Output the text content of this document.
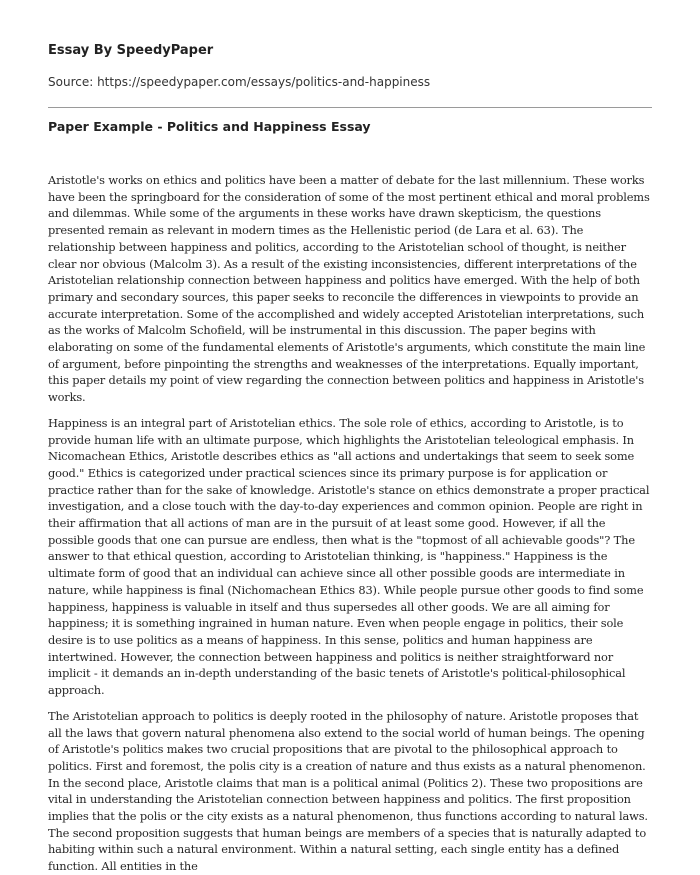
Essay By SpeedyPaper
Source: https://speedypaper.com/essays/politics-and-happiness
Paper Example - Politics and Happiness Essay

Aristotle's works on ethics and politics have been a matter of debate for the last millennium. These works have been the springboard for the consideration of some of the most pertinent ethical and moral problems and dilemmas. While some of the arguments in these works have drawn skepticism, the questions presented remain as relevant in modern times as the Hellenistic period (de Lara et al. 63). The relationship between happiness and politics, according to the Aristotelian school of thought, is neither clear nor obvious (Malcolm 3). As a result of the existing inconsistencies, different interpretations of the Aristotelian relationship connection between happiness and politics have emerged. With the help of both primary and secondary sources, this paper seeks to reconcile the differences in viewpoints to provide an accurate interpretation. Some of the accomplished and widely accepted Aristotelian interpretations, such as the works of Malcolm Schofield, will be instrumental in this discussion. The paper begins with elaborating on some of the fundamental elements of Aristotle's arguments, which constitute the main line of argument, before pinpointing the strengths and weaknesses of the interpretations. Equally important, this paper details my point of view regarding the connection between politics and happiness in Aristotle's works.

Happiness is an integral part of Aristotelian ethics. The sole role of ethics, according to Aristotle, is to provide human life with an ultimate purpose, which highlights the Aristotelian teleological emphasis. In Nicomachean Ethics, Aristotle describes ethics as "all actions and undertakings that seem to seek some good." Ethics is categorized under practical sciences since its primary purpose is for application or practice rather than for the sake of knowledge. Aristotle's stance on ethics demonstrate a proper practical investigation, and a close touch with the day-to-day experiences and common opinion. People are right in their affirmation that all actions of man are in the pursuit of at least some good. However, if all the possible goods that one can pursue are endless, then what is the "topmost of all achievable goods"? The answer to that ethical question, according to Aristotelian thinking, is "happiness." Happiness is the ultimate form of good that an individual can achieve since all other possible goods are intermediate in nature, while happiness is final (Nichomachean Ethics 83). While people pursue other goods to find some happiness, happiness is valuable in itself and thus supersedes all other goods. We are all aiming for happiness; it is something ingrained in human nature. Even when people engage in politics, their sole desire is to use politics as a means of happiness. In this sense, politics and human happiness are intertwined. However, the connection between happiness and politics is neither straightforward nor implicit - it demands an in-depth understanding of the basic tenets of Aristotle's political-philosophical approach.

The Aristotelian approach to politics is deeply rooted in the philosophy of nature. Aristotle proposes that all the laws that govern natural phenomena also extend to the social world of human beings. The opening of Aristotle's politics makes two crucial propositions that are pivotal to the philosophical approach to politics. First and foremost, the polis city is a creation of nature and thus exists as a natural phenomenon. In the second place, Aristotle claims that man is a political animal (Politics 2). These two propositions are vital in understanding the Aristotelian connection between happiness and politics. The first proposition implies that the polis or the city exists as a natural phenomenon, thus functions according to natural laws. The second proposition suggests that human beings are members of a species that is naturally adapted to habiting within such a natural environment. Within a natural setting, each single entity has a defined function. All entities in the
